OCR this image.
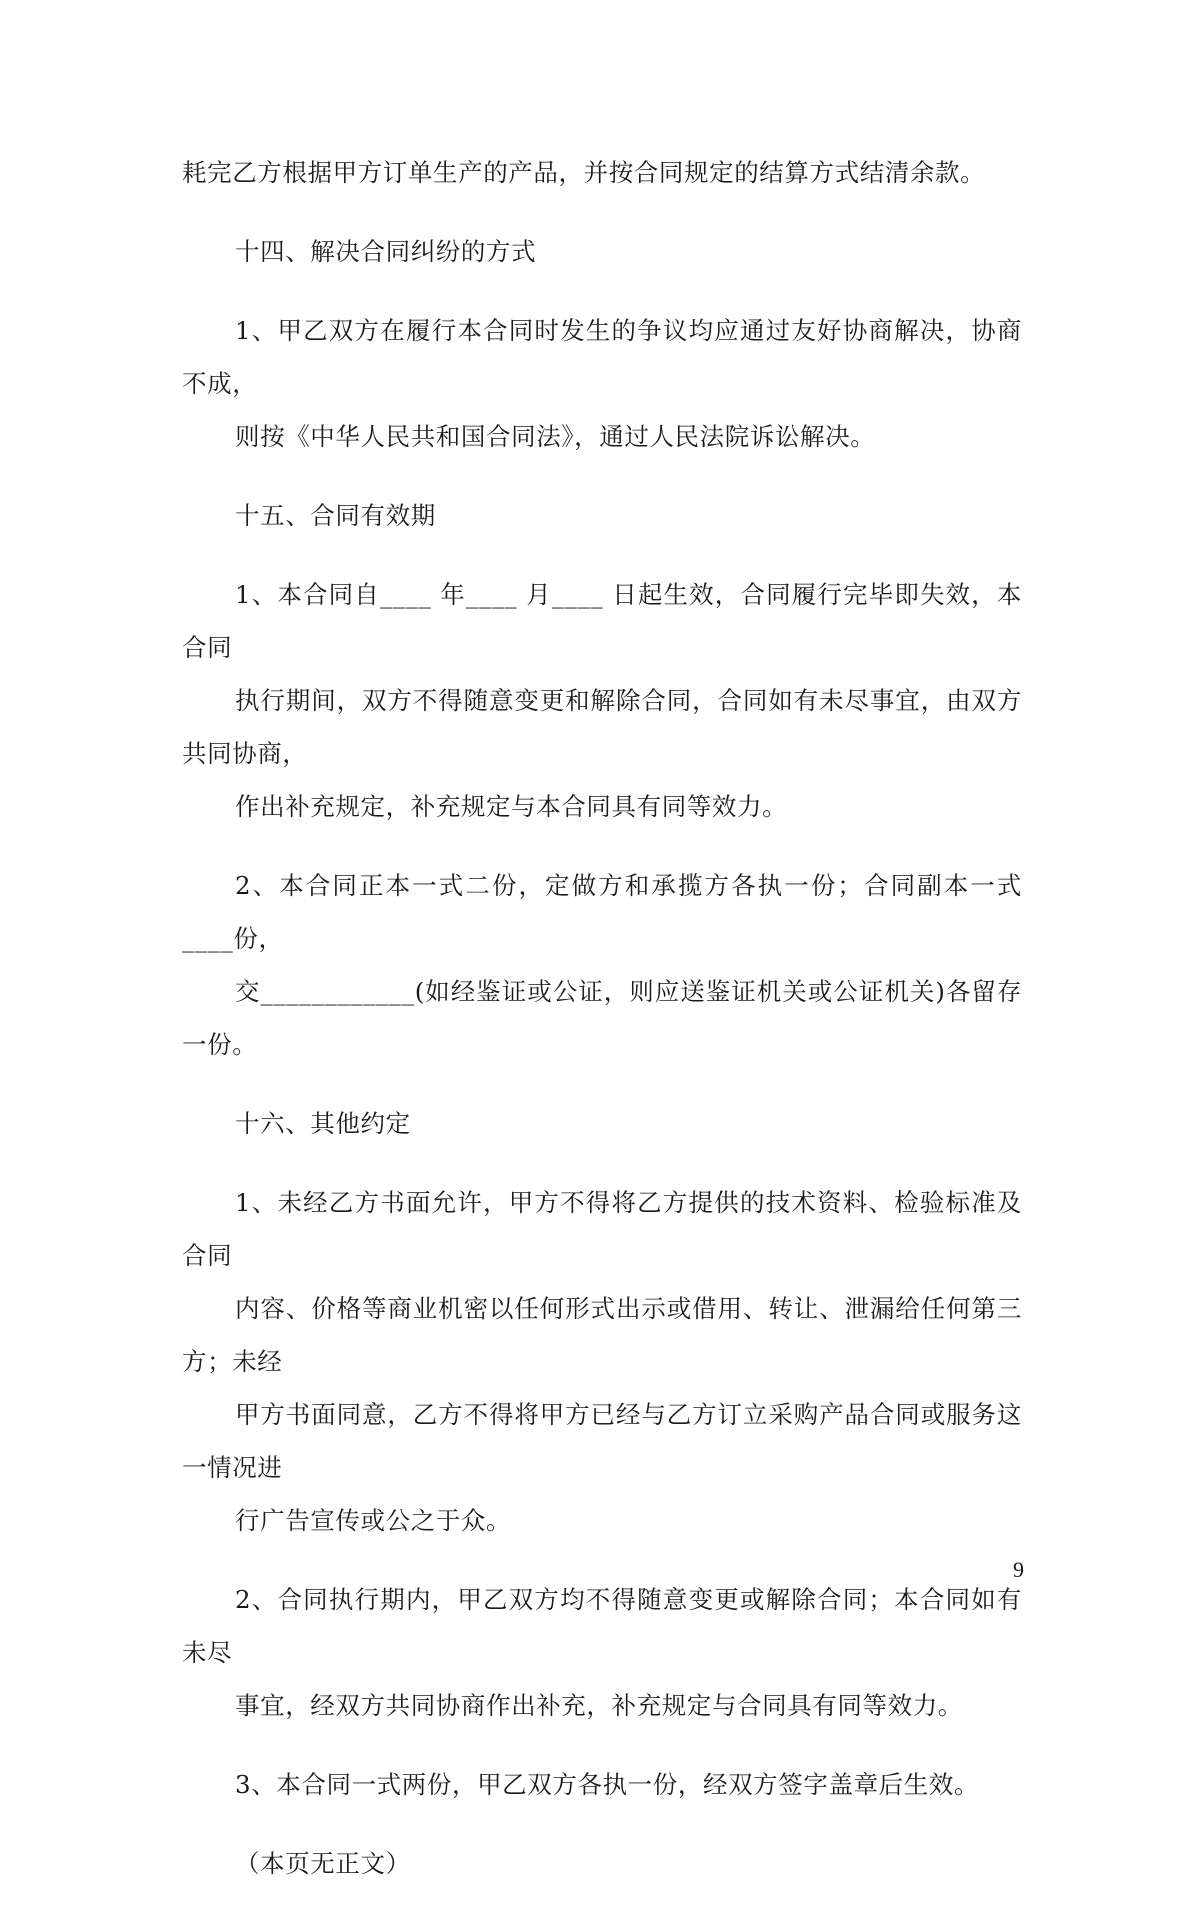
耗完乙方根据甲方订单生产的产品，并按合同规定的结算方式结清余款。

十四、解决合同纠纷的方式

1、甲乙双方在履行本合同时发生的争议均应通过友好协商解决，协商不成，
则按《中华人民共和国合同法》，通过人民法院诉讼解决。

十五、合同有效期

1、本合同自____ 年____ 月____ 日起生效，合同履行完毕即失效，本合同
执行期间，双方不得随意变更和解除合同，合同如有未尽事宜，由双方共同协商，
作出补充规定，补充规定与本合同具有同等效力。

2、本合同正本一式二份，定做方和承揽方各执一份；合同副本一式____份，
交____________(如经鉴证或公证，则应送鉴证机关或公证机关)各留存一份。

十六、其他约定

1、未经乙方书面允许，甲方不得将乙方提供的技术资料、检验标准及合同
内容、价格等商业机密以任何形式出示或借用、转让、泄漏给任何第三方；未经
甲方书面同意，乙方不得将甲方已经与乙方订立采购产品合同或服务这一情况进
行广告宣传或公之于众。

2、合同执行期内，甲乙双方均不得随意变更或解除合同；本合同如有未尽
事宜，经双方共同协商作出补充，补充规定与合同具有同等效力。

3、本合同一式两份，甲乙双方各执一份，经双方签字盖章后生效。

（本页无正文）

9
